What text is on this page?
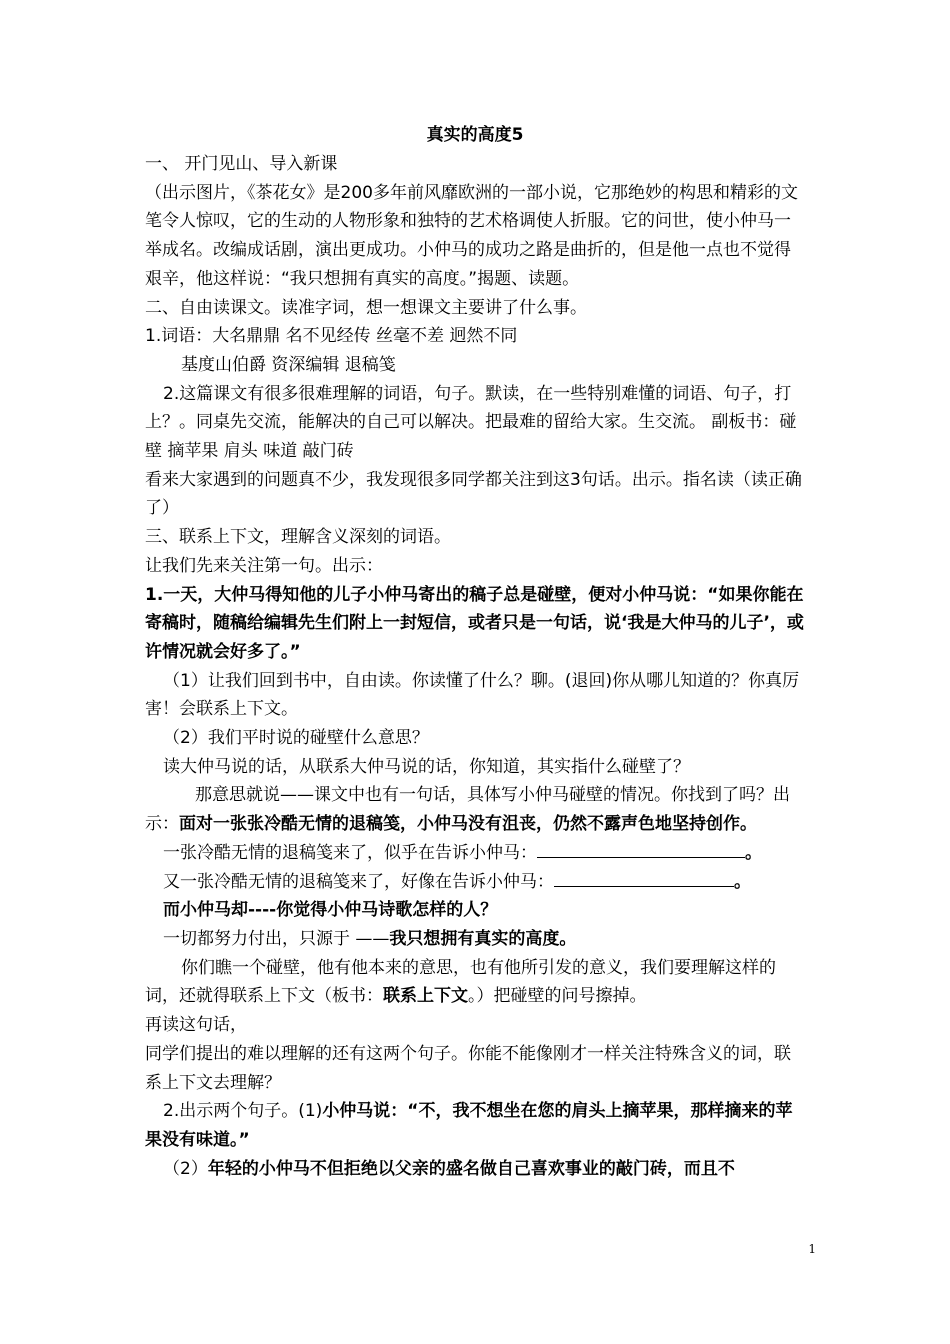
真实的高度5

一、 开门见山、导入新课

（出示图片，《茶花女》是200多年前风靡欧洲的一部小说，它那绝妙的构思和精彩的文笔令人惊叹，它的生动的人物形象和独特的艺术格调使人折服。它的问世，使小仲马一举成名。改编成话剧，演出更成功。小仲马的成功之路是曲折的，但是他一点也不觉得艰辛，他这样说：“我只想拥有真实的高度。”揭题、读题。

二、自由读课文。读准字词，想一想课文主要讲了什么事。

1.词语：大名鼎鼎 名不见经传 丝毫不差 迥然不同

基度山伯爵 资深编辑 退稿笺

2.这篇课文有很多很难理解的词语，句子。默读，在一些特别难懂的词语、句子，打上？。同桌先交流，能解决的自己可以解决。把最难的留给大家。生交流。 副板书：碰壁 摘苹果 肩头 味道 敲门砖

看来大家遇到的问题真不少，我发现很多同学都关注到这3句话。出示。指名读（读正确了）

三、联系上下文，理解含义深刻的词语。

让我们先来关注第一句。出示：

1.一天，大仲马得知他的儿子小仲马寄出的稿子总是碰壁，便对小仲马说：“如果你能在寄稿时，随稿给编辑先生们附上一封短信，或者只是一句话，说‘我是大仲马的儿子’，或许情况就会好多了。”

（1）让我们回到书中，自由读。你读懂了什么？聊。(退回)你从哪儿知道的？你真厉害！会联系上下文。

（2）我们平时说的碰壁什么意思？

读大仲马说的话，从联系大仲马说的话，你知道，其实指什么碰壁了？

那意思就说——课文中也有一句话，具体写小仲马碰壁的情况。你找到了吗？出示：面对一张张冷酷无情的退稿笺，小仲马没有沮丧，仍然不露声色地坚持创作。

一张冷酷无情的退稿笺来了，似乎在告诉小仲马：	。

又一张冷酷无情的退稿笺来了，好像在告诉小仲马：	。

而小仲马却----你觉得小仲马诗歌怎样的人？

一切都努力付出，只源于 ——我只想拥有真实的高度。

你们瞧一个碰壁，他有他本来的意思，也有他所引发的意义，我们要理解这样的词，还就得联系上下文（板书：联系上下文。）把碰壁的问号擦掉。

再读这句话，

同学们提出的难以理解的还有这两个句子。你能不能像刚才一样关注特殊含义的词，联系上下文去理解？

2.出示两个句子。(1)小仲马说：“不，我不想坐在您的肩头上摘苹果，那样摘来的苹果没有味道。”

（2）年轻的小仲马不但拒绝以父亲的盛名做自己喜欢事业的敲门砖，而且不

1
